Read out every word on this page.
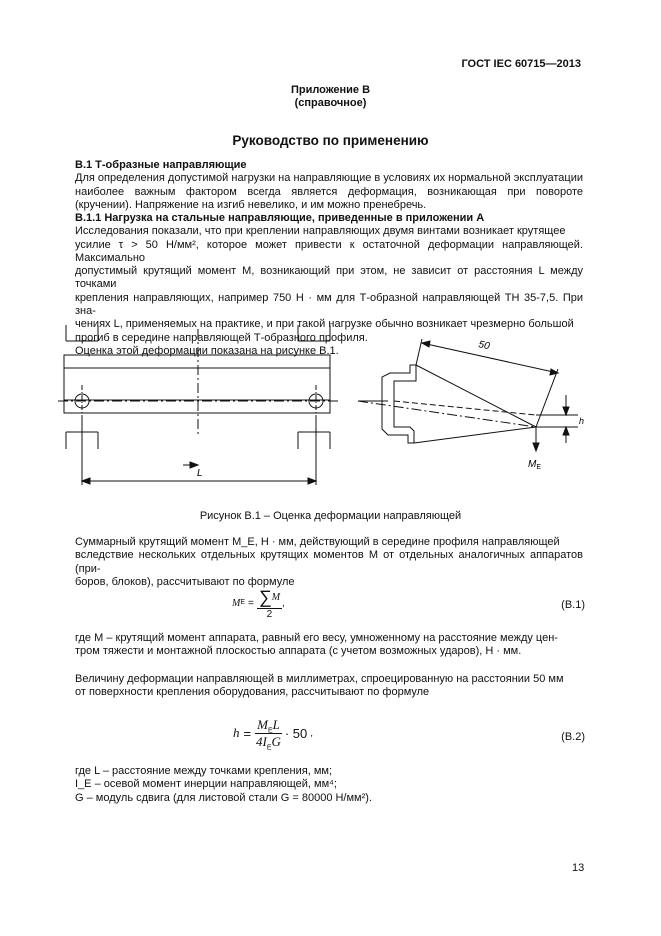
ГОСТ IEC 60715—2013
Приложение В
(справочное)
Руководство по применению

В.1 Т-образные направляющие

Для определения допустимой нагрузки на направляющие в условиях их нормальной эксплуатации наиболее важным фактором всегда является деформация, возникающая при повороте (кручении). Напряжение на изгиб невелико, и им можно пренебречь.

В.1.1 Нагрузка на стальные направляющие, приведенные в приложении А

Исследования показали, что при креплении направляющих двумя винтами возникает крутящее

усилие τ > 50 Н/мм², которое может привести к остаточной деформации направляющей. Максимально

допустимый крутящий момент M, возникающий при этом, не зависит от расстояния L между точками

крепления направляющих, например 750 Н · мм для Т-образной направляющей ТН 35-7,5. При зна-

чениях L, применяемых на практике, и при такой нагрузке обычно возникает чрезмерно большой

прогиб в середине направляющей Т-образного профиля.

Оценка этой деформации показана на рисунке В.1.

L
50
h
$M_E$
Рисунок В.1 – Оценка деформации направляющей

Суммарный крутящий момент M_E, Н · мм, действующий в середине профиля направляющей

вследствие нескольких отдельных крутящих моментов M от отдельных аналогичных аппаратов (при-

боров, блоков), рассчитывают по формуле

M $E = \frac{\sum M}{2}$ ,	(В.1)

где M – крутящий момент аппарата, равный его весу, умноженному на расстояние между цен-

тром тяжести и монтажной плоскостью аппарата (с учетом возможных ударов), Н · мм.

Величину деформации направляющей в миллиметрах, спроецированную на расстоянии 50 мм

от поверхности крепления оборудования, рассчитывают по формуле

h =
$M_EL$
$4I_EG$
· 50 ,	(В.2)

где L – расстояние между точками крепления, мм;

I_E – осевой момент инерции направляющей, мм⁴;

G – модуль сдвига (для листовой стали G = 80000 Н/мм²).

13
